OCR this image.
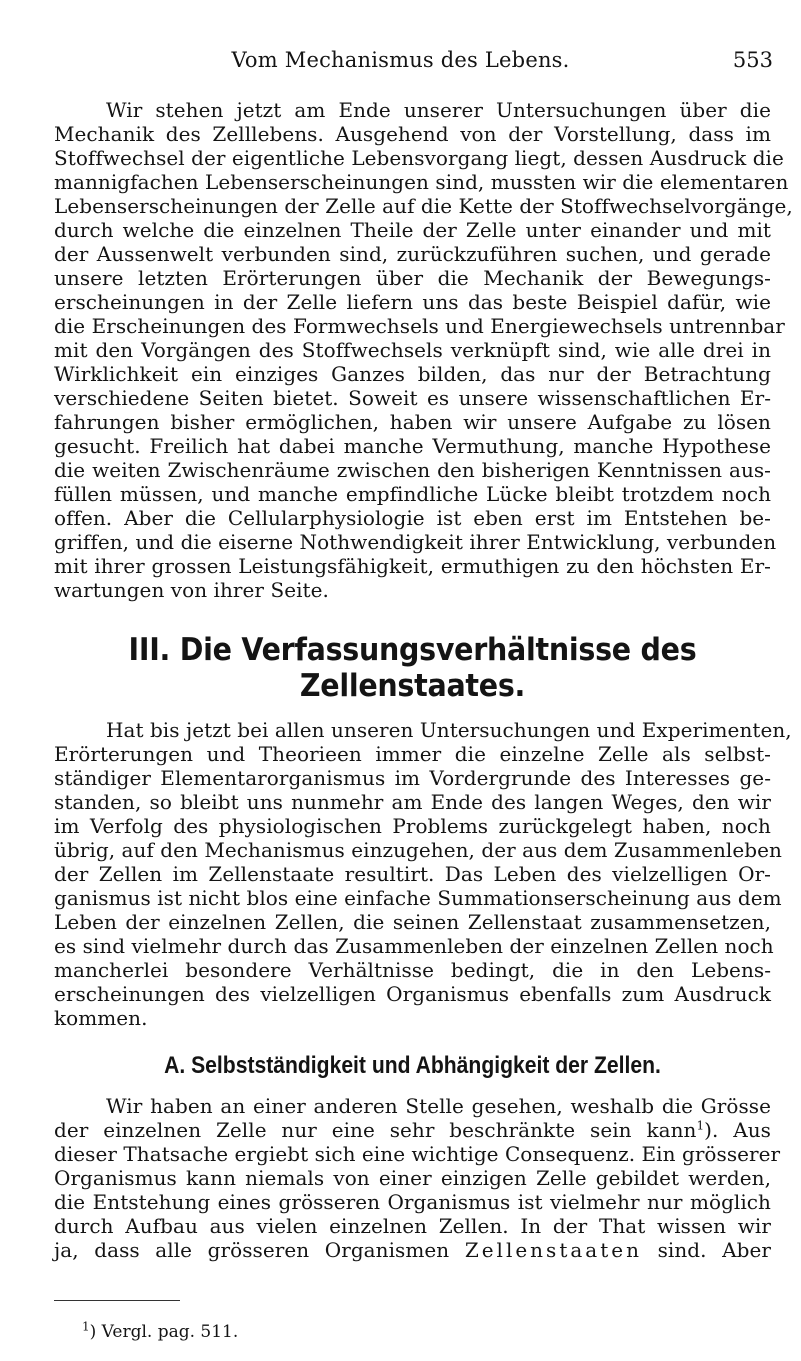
Vom Mechanismus des Lebens.	553
Wir stehen jetzt am Ende unserer Untersuchungen über die
Mechanik des Zelllebens. Ausgehend von der Vorstellung, dass im
Stoffwechsel der eigentliche Lebensvorgang liegt, dessen Ausdruck die
mannigfachen Lebenserscheinungen sind, mussten wir die elementaren
Lebenserscheinungen der Zelle auf die Kette der Stoffwechselvorgänge,
durch welche die einzelnen Theile der Zelle unter einander und mit
der Aussenwelt verbunden sind, zurückzuführen suchen, und gerade
unsere letzten Erörterungen über die Mechanik der Bewegungs-
erscheinungen in der Zelle liefern uns das beste Beispiel dafür, wie
die Erscheinungen des Formwechsels und Energiewechsels untrennbar
mit den Vorgängen des Stoffwechsels verknüpft sind, wie alle drei in
Wirklichkeit ein einziges Ganzes bilden, das nur der Betrachtung
verschiedene Seiten bietet. Soweit es unsere wissenschaftlichen Er-
fahrungen bisher ermöglichen, haben wir unsere Aufgabe zu lösen
gesucht. Freilich hat dabei manche Vermuthung, manche Hypothese
die weiten Zwischenräume zwischen den bisherigen Kenntnissen aus-
füllen müssen, und manche empfindliche Lücke bleibt trotzdem noch
offen. Aber die Cellularphysiologie ist eben erst im Entstehen be-
griffen, und die eiserne Nothwendigkeit ihrer Entwicklung, verbunden
mit ihrer grossen Leistungsfähigkeit, ermuthigen zu den höchsten Er-
wartungen von ihrer Seite.
III. Die Verfassungsverhältnisse des Zellenstaates.
Hat bis jetzt bei allen unseren Untersuchungen und Experimenten,
Erörterungen und Theorieen immer die einzelne Zelle als selbst-
ständiger Elementarorganismus im Vordergrunde des Interesses ge-
standen, so bleibt uns nunmehr am Ende des langen Weges, den wir
im Verfolg des physiologischen Problems zurückgelegt haben, noch
übrig, auf den Mechanismus einzugehen, der aus dem Zusammenleben
der Zellen im Zellenstaate resultirt. Das Leben des vielzelligen Or-
ganismus ist nicht blos eine einfache Summationserscheinung aus dem
Leben der einzelnen Zellen, die seinen Zellenstaat zusammensetzen,
es sind vielmehr durch das Zusammenleben der einzelnen Zellen noch
mancherlei besondere Verhältnisse bedingt, die in den Lebens-
erscheinungen des vielzelligen Organismus ebenfalls zum Ausdruck
kommen.
A. Selbstständigkeit und Abhängigkeit der Zellen.
Wir haben an einer anderen Stelle gesehen, weshalb die Grösse
der einzelnen Zelle nur eine sehr beschränkte sein kann$^1$). Aus
dieser Thatsache ergiebt sich eine wichtige Consequenz. Ein grösserer
Organismus kann niemals von einer einzigen Zelle gebildet werden,
die Entstehung eines grösseren Organismus ist vielmehr nur möglich
durch Aufbau aus vielen einzelnen Zellen. In der That wissen wir
ja, dass alle grösseren Organismen Zellenstaaten sind. Aber
$^1$) Vergl. pag. 511.
